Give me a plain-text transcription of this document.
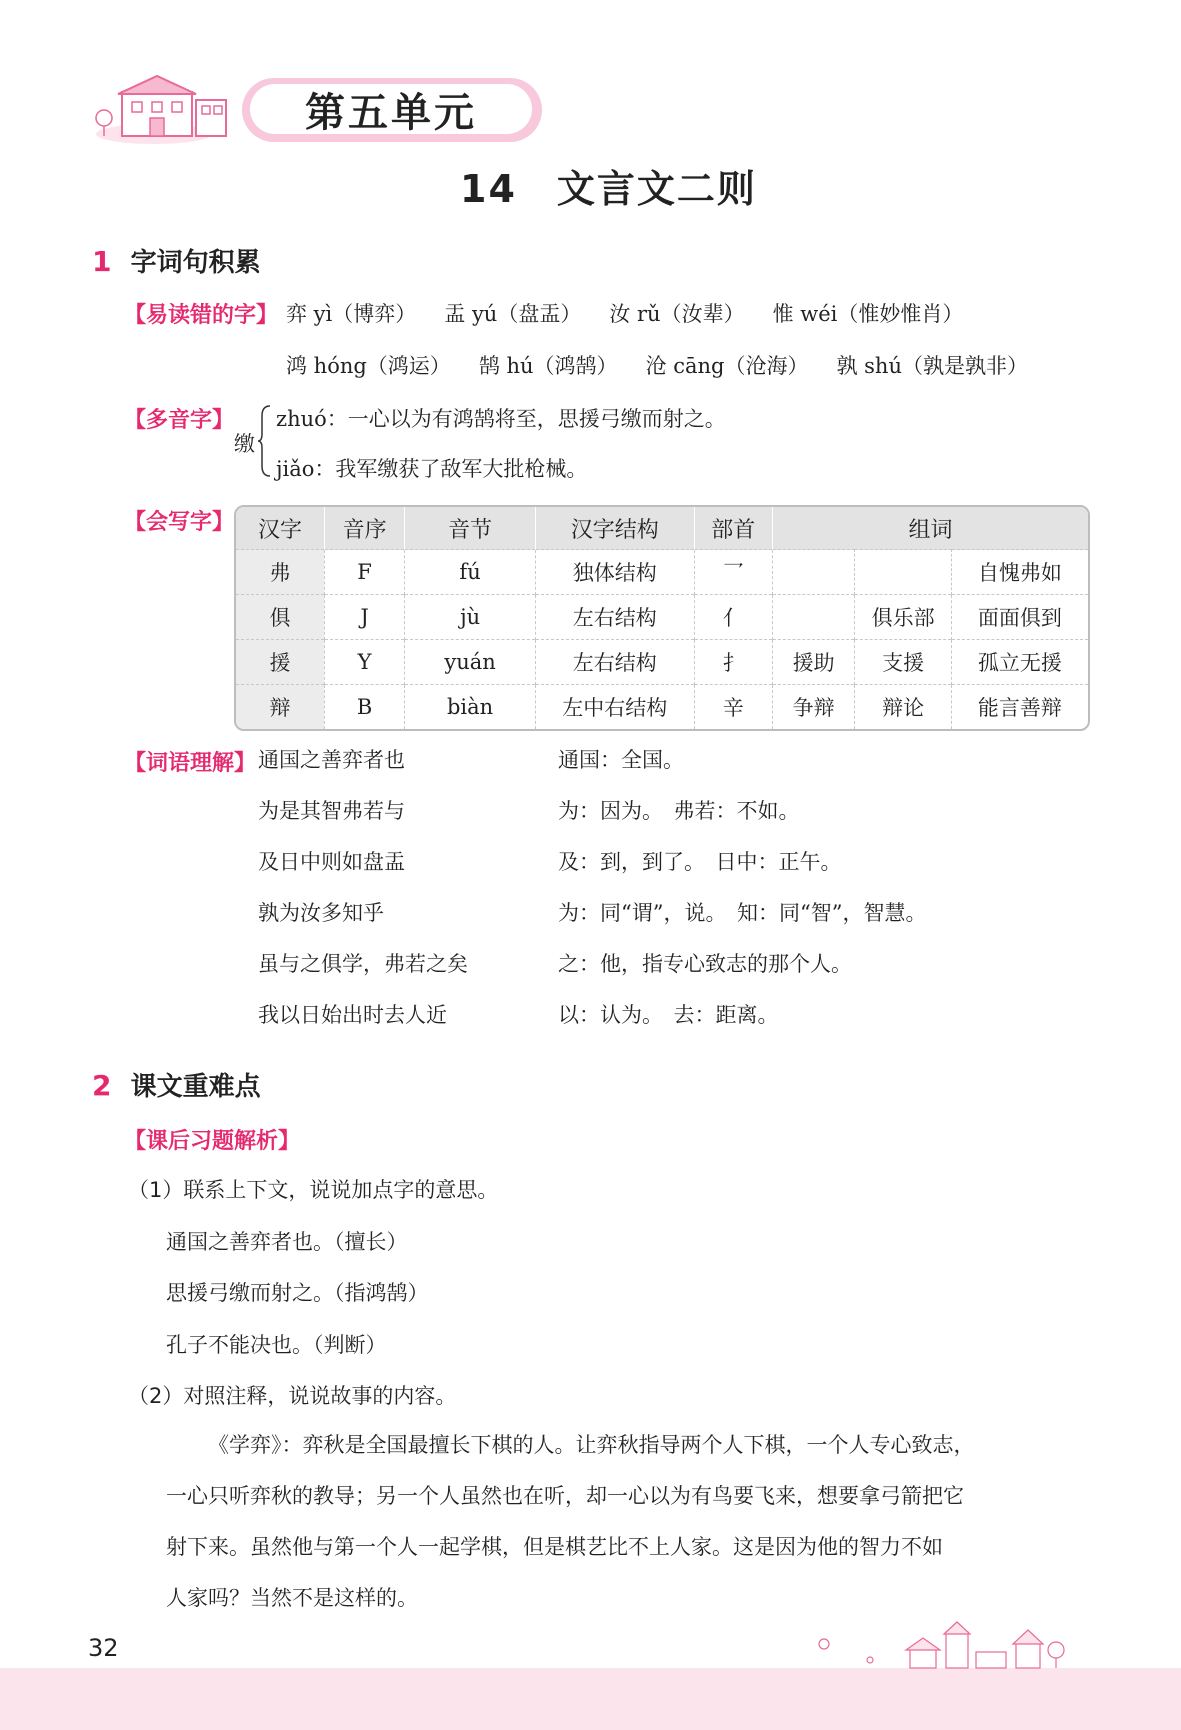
第五单元
14　文言文二则
1 字词句积累
【易读错的字】 弈 yì（博弈） 盂 yú（盘盂） 汝 rǔ（汝辈） 惟 wéi（惟妙惟肖）
鸿 hóng（鸿运） 鹄 hú（鸿鹄） 沧 cāng（沧海） 孰 shú（孰是孰非）
【多音字】
缴
zhuó：一心以为有鸿鹄将至，思援弓缴而射之。
jiǎo：我军缴获了敌军大批枪械。
【会写字】 汉字	音序	音节	汉字结构	部首	组词		
弗	F	fú	独体结构	乛			自愧弗如
俱	J	jù	左右结构	亻		俱乐部	面面俱到
援	Y	yuán	左右结构	扌	援助	支援	孤立无援
辩	B	biàn	左中右结构	辛	争辩	辩论	能言善辩
【词语理解】 通国之善弈者也	通国：全国。
为是其智弗若与	为：因为。　弗若：不如。
及日中则如盘盂	及：到，到了。　日中：正午。
孰为汝多知乎	为：同“谓”，说。　知：同“智”，智慧。
虽与之俱学，弗若之矣	之：他，指专心致志的那个人。
我以日始出时去人近	以：认为。　去：距离。
2 课文重难点
【课后习题解析】
（1）联系上下文，说说加点字的意思。
通国之善弈者也。（擅长）
思援弓缴而射之。（指鸿鹄）
孔子不能决也。（判断）
（2）对照注释，说说故事的内容。
《学弈》：弈秋是全国最擅长下棋的人。让弈秋指导两个人下棋，一个人专心致志，
一心只听弈秋的教导；另一个人虽然也在听，却一心以为有鸟要飞来，想要拿弓箭把它
射下来。虽然他与第一个人一起学棋，但是棋艺比不上人家。这是因为他的智力不如
人家吗？当然不是这样的。
32
